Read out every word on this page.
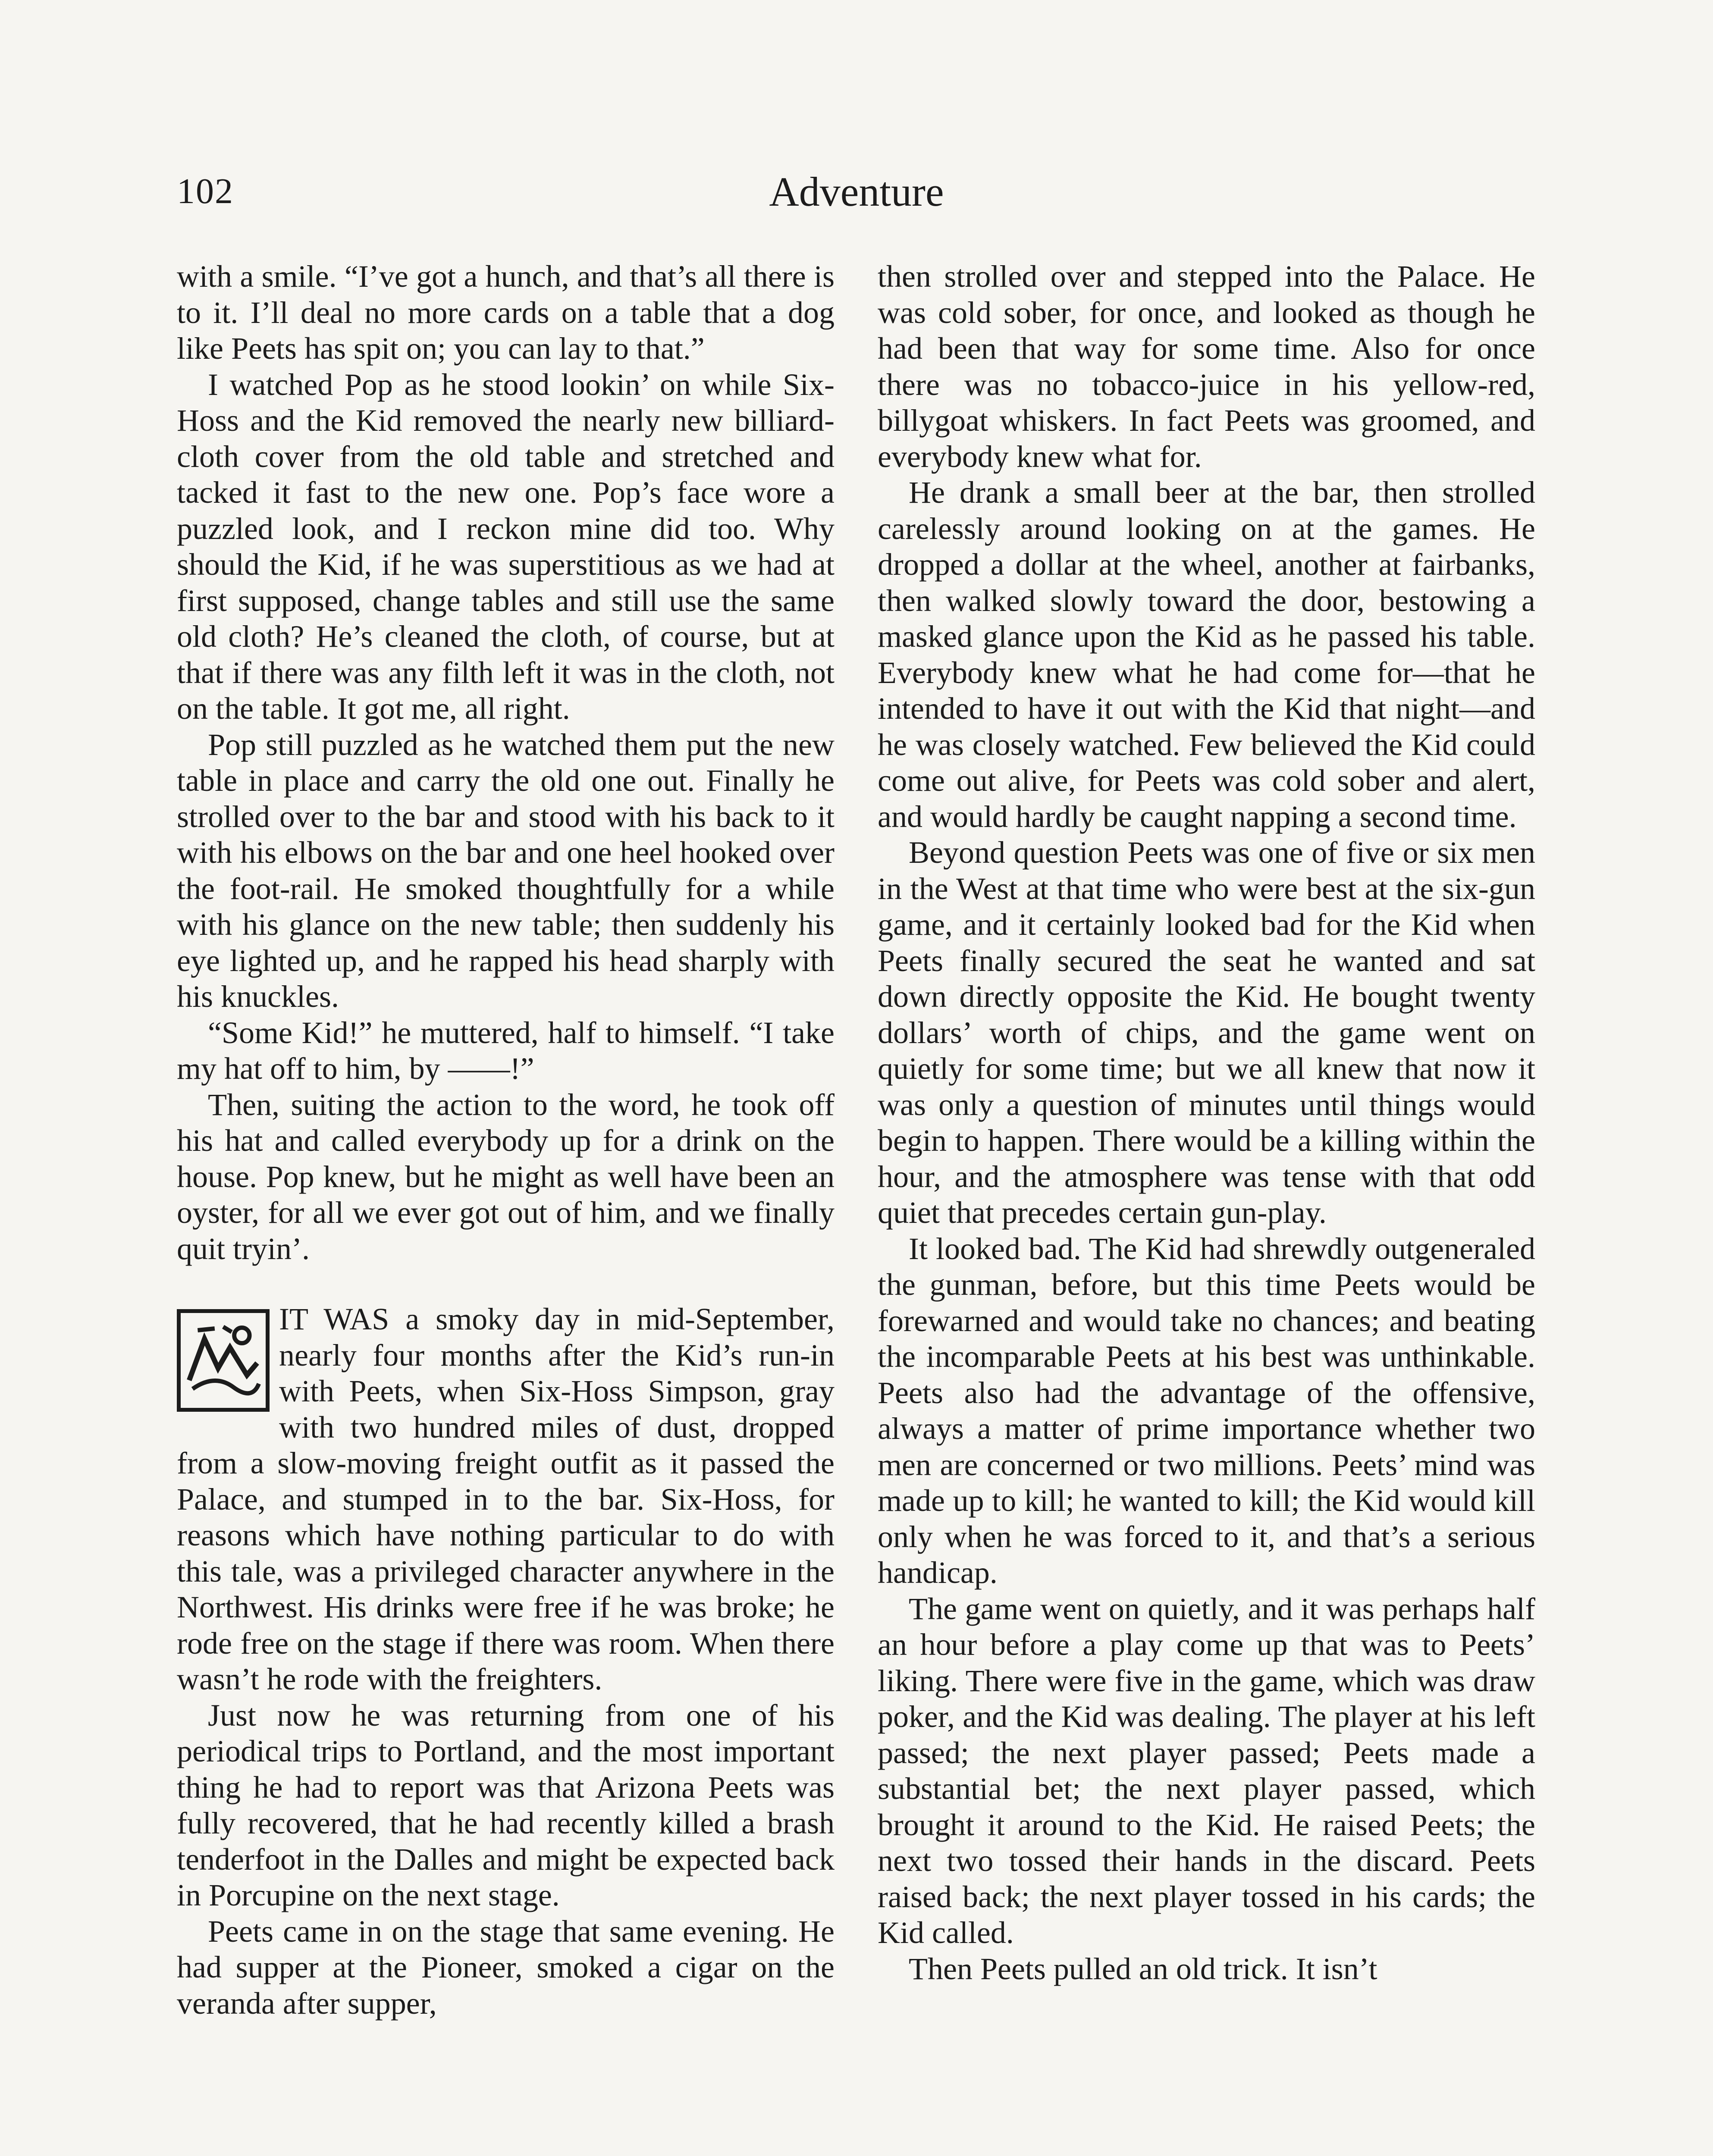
102	Adventure

with a smile. “I’ve got a hunch, and that’s all there is to it. I’ll deal no more cards on a table that a dog like Peets has spit on; you can lay to that.”

I watched Pop as he stood lookin’ on while Six-Hoss and the Kid removed the nearly new billiard-cloth cover from the old table and stretched and tacked it fast to the new one. Pop’s face wore a puzzled look, and I reckon mine did too. Why should the Kid, if he was superstitious as we had at first supposed, change tables and still use the same old cloth? He’s cleaned the cloth, of course, but at that if there was any filth left it was in the cloth, not on the table. It got me, all right.

Pop still puzzled as he watched them put the new table in place and carry the old one out. Finally he strolled over to the bar and stood with his back to it with his elbows on the bar and one heel hooked over the foot-rail. He smoked thoughtfully for a while with his glance on the new table; then suddenly his eye lighted up, and he rapped his head sharply with his knuckles.

“Some Kid!” he muttered, half to himself. “I take my hat off to him, by ——!”

Then, suiting the action to the word, he took off his hat and called everybody up for a drink on the house. Pop knew, but he might as well have been an oyster, for all we ever got out of him, and we finally quit tryin’.

IT WAS a smoky day in mid-September, nearly four months after the Kid’s run-in with Peets, when Six-Hoss Simpson, gray with two hundred miles of dust, dropped from a slow-moving freight outfit as it passed the Palace, and stumped in to the bar. Six-Hoss, for reasons which have nothing particular to do with this tale, was a privileged character anywhere in the Northwest. His drinks were free if he was broke; he rode free on the stage if there was room. When there wasn’t he rode with the freighters.

Just now he was returning from one of his periodical trips to Portland, and the most important thing he had to report was that Arizona Peets was fully recovered, that he had recently killed a brash tenderfoot in the Dalles and might be expected back in Porcupine on the next stage.

Peets came in on the stage that same evening. He had supper at the Pioneer, smoked a cigar on the veranda after supper,

then strolled over and stepped into the Palace. He was cold sober, for once, and looked as though he had been that way for some time. Also for once there was no tobacco-juice in his yellow-red, billygoat whiskers. In fact Peets was groomed, and everybody knew what for.

He drank a small beer at the bar, then strolled carelessly around looking on at the games. He dropped a dollar at the wheel, another at fairbanks, then walked slowly toward the door, bestowing a masked glance upon the Kid as he passed his table. Everybody knew what he had come for—that he intended to have it out with the Kid that night—and he was closely watched. Few believed the Kid could come out alive, for Peets was cold sober and alert, and would hardly be caught napping a second time.

Beyond question Peets was one of five or six men in the West at that time who were best at the six-gun game, and it certainly looked bad for the Kid when Peets finally secured the seat he wanted and sat down directly opposite the Kid. He bought twenty dollars’ worth of chips, and the game went on quietly for some time; but we all knew that now it was only a question of minutes until things would begin to happen. There would be a killing within the hour, and the atmosphere was tense with that odd quiet that precedes certain gun-play.

It looked bad. The Kid had shrewdly outgeneraled the gunman, before, but this time Peets would be forewarned and would take no chances; and beating the incomparable Peets at his best was unthinkable. Peets also had the advantage of the offensive, always a matter of prime importance whether two men are concerned or two millions. Peets’ mind was made up to kill; he wanted to kill; the Kid would kill only when he was forced to it, and that’s a serious handicap.

The game went on quietly, and it was perhaps half an hour before a play come up that was to Peets’ liking. There were five in the game, which was draw poker, and the Kid was dealing. The player at his left passed; the next player passed; Peets made a substantial bet; the next player passed, which brought it around to the Kid. He raised Peets; the next two tossed their hands in the discard. Peets raised back; the next player tossed in his cards; the Kid called.

Then Peets pulled an old trick. It isn’t
